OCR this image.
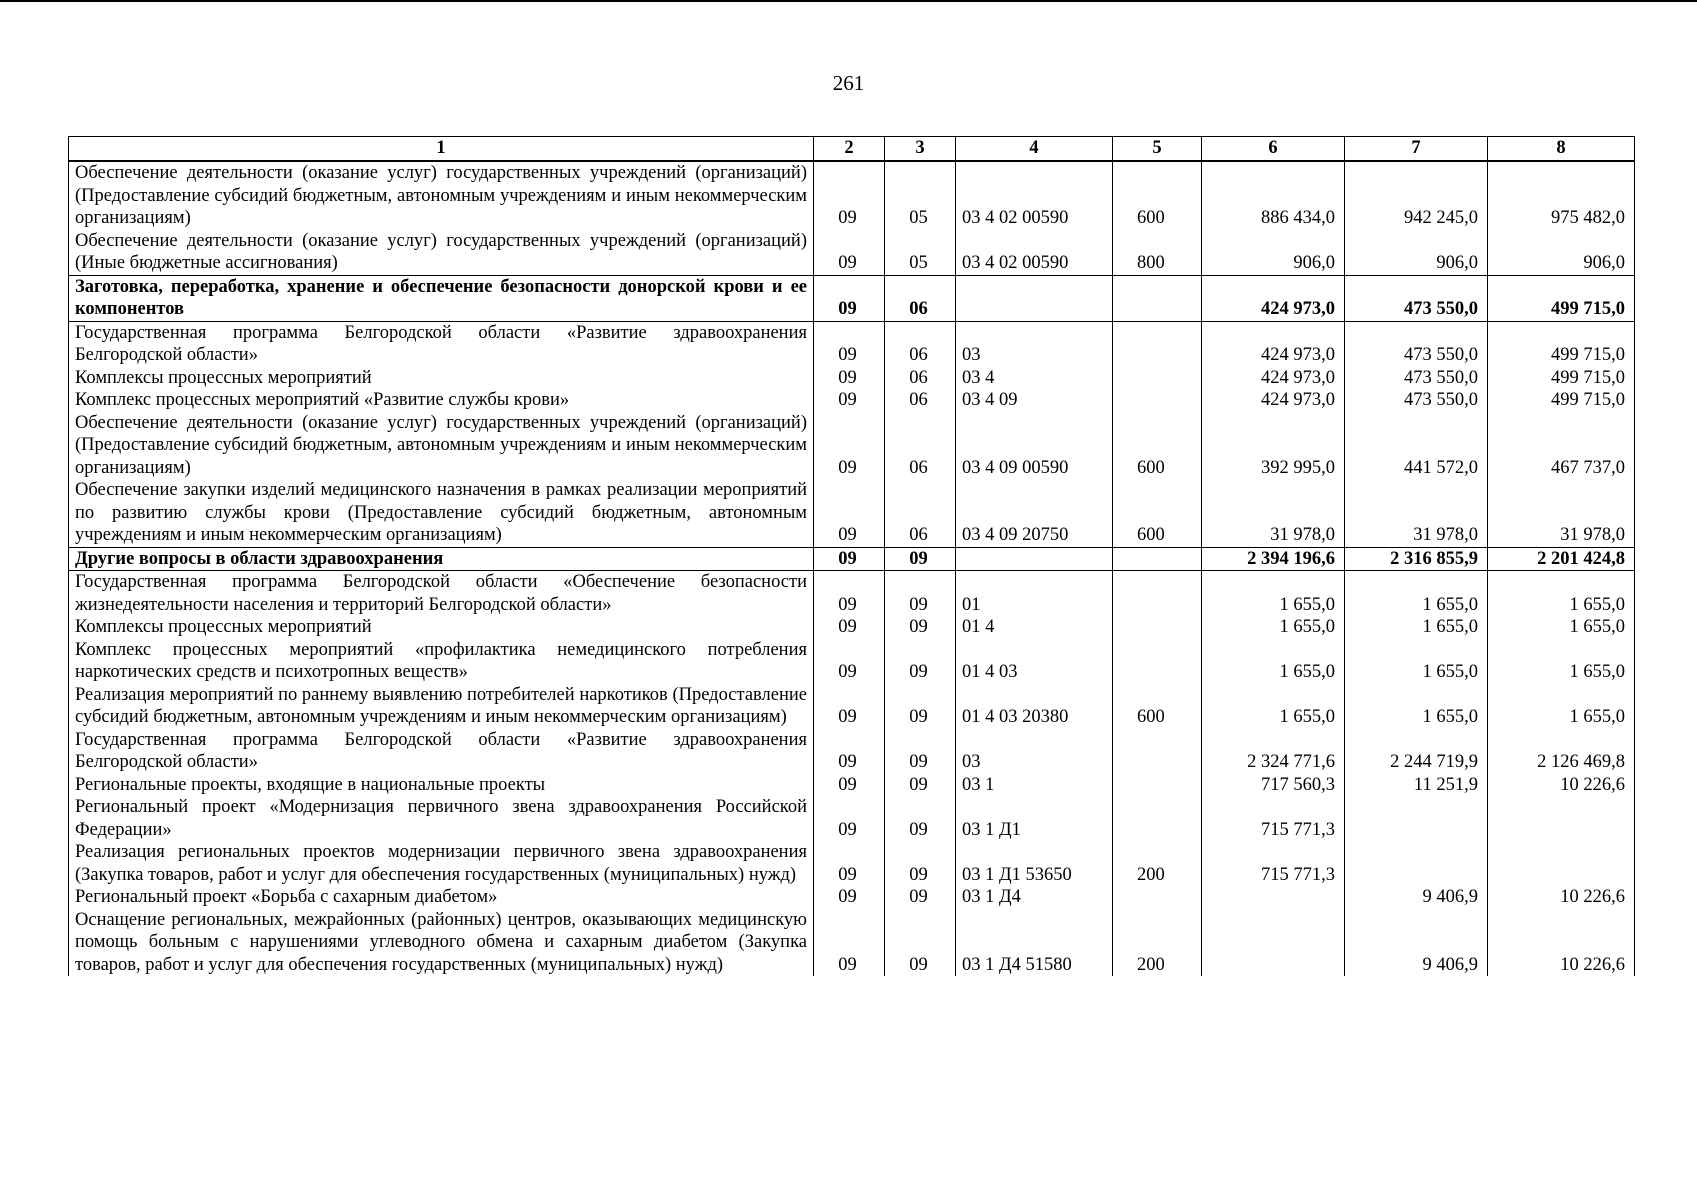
261
1	2	3	4	5	6	7	8
Обеспечение деятельности (оказание услуг) государственных учреждений (организаций) (Предоставление субсидий бюджетным, автономным учреждениям и иным некоммерческим организациям)	09	05	03 4 02 00590	600	886 434,0	942 245,0	975 482,0
Обеспечение деятельности (оказание услуг) государственных учреждений (организаций) (Иные бюджетные ассигнования)	09	05	03 4 02 00590	800	906,0	906,0	906,0
Заготовка, переработка, хранение и обеспечение безопасности донорской крови и ее компонентов	09	06			424 973,0	473 550,0	499 715,0
Государственная программа Белгородской области «Развитие здравоохранения Белгородской области»	09	06	03		424 973,0	473 550,0	499 715,0
Комплексы процессных мероприятий	09	06	03 4		424 973,0	473 550,0	499 715,0
Комплекс процессных мероприятий «Развитие службы крови»	09	06	03 4 09		424 973,0	473 550,0	499 715,0
Обеспечение деятельности (оказание услуг) государственных учреждений (организаций) (Предоставление субсидий бюджетным, автономным учреждениям и иным некоммерческим организациям)	09	06	03 4 09 00590	600	392 995,0	441 572,0	467 737,0
Обеспечение закупки изделий медицинского назначения в рамках реализации мероприятий по развитию службы крови (Предоставление субсидий бюджетным, автономным учреждениям и иным некоммерческим организациям)	09	06	03 4 09 20750	600	31 978,0	31 978,0	31 978,0
Другие вопросы в области здравоохранения	09	09			2 394 196,6	2 316 855,9	2 201 424,8
Государственная программа Белгородской области «Обеспечение безопасности жизнедеятельности населения и территорий Белгородской области»	09	09	01		1 655,0	1 655,0	1 655,0
Комплексы процессных мероприятий	09	09	01 4		1 655,0	1 655,0	1 655,0
Комплекс процессных мероприятий «профилактика немедицинского потребления наркотических средств и психотропных веществ»	09	09	01 4 03		1 655,0	1 655,0	1 655,0
Реализация мероприятий по раннему выявлению потребителей наркотиков (Предоставление субсидий бюджетным, автономным учреждениям и иным некоммерческим организациям)	09	09	01 4 03 20380	600	1 655,0	1 655,0	1 655,0
Государственная программа Белгородской области «Развитие здравоохранения Белгородской области»	09	09	03		2 324 771,6	2 244 719,9	2 126 469,8
Региональные проекты, входящие в национальные проекты	09	09	03 1		717 560,3	11 251,9	10 226,6
Региональный проект «Модернизация первичного звена здравоохранения Российской Федерации»	09	09	03 1 Д1		715 771,3		
Реализация региональных проектов модернизации первичного звена здравоохранения (Закупка товаров, работ и услуг для обеспечения государственных (муниципальных) нужд)	09	09	03 1 Д1 53650	200	715 771,3		
Региональный проект «Борьба с сахарным диабетом»	09	09	03 1 Д4			9 406,9	10 226,6
Оснащение региональных, межрайонных (районных) центров, оказывающих медицинскую помощь больным с нарушениями углеводного обмена и сахарным диабетом (Закупка товаров, работ и услуг для обеспечения государственных (муниципальных) нужд)	09	09	03 1 Д4 51580	200		9 406,9	10 226,6
